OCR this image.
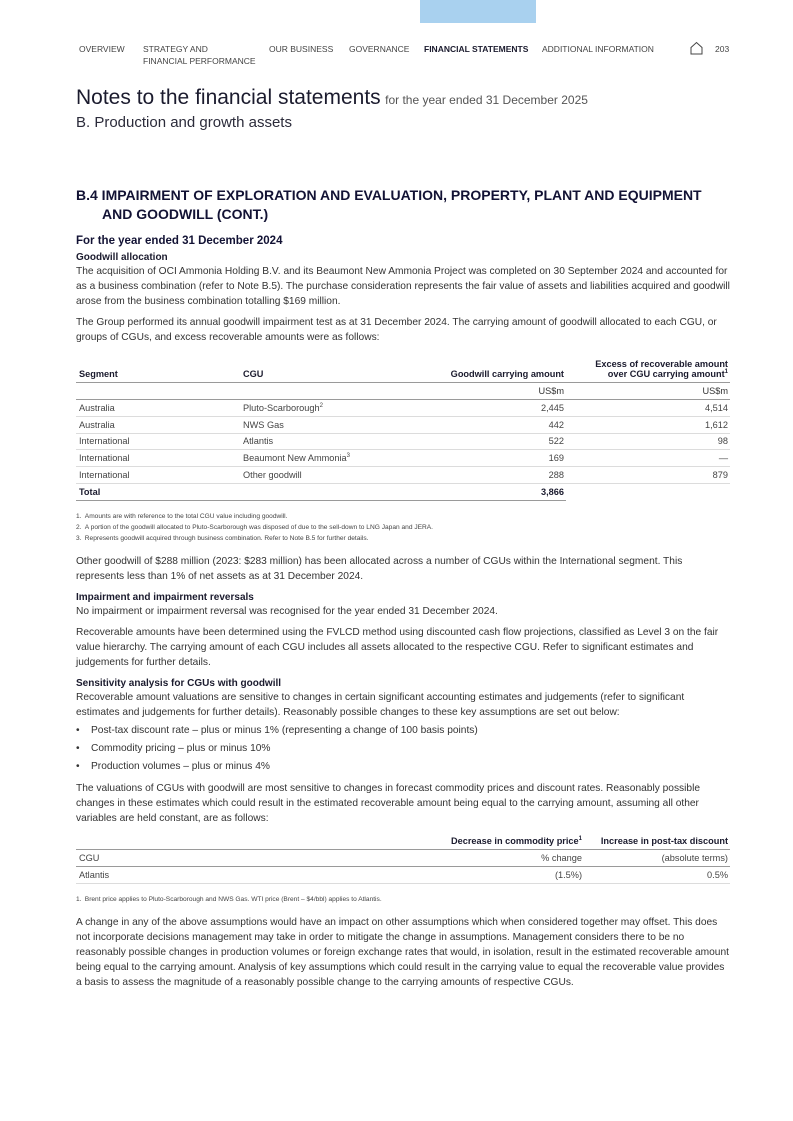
OVERVIEW STRATEGY AND
FINANCIAL PERFORMANCE
OUR BUSINESS GOVERNANCE FINANCIAL STATEMENTS ADDITIONAL INFORMATION	203
Notes to the financial statements for the year ended 31 December 2025
B. Production and growth assets
B.4 IMPAIRMENT OF EXPLORATION AND EVALUATION, PROPERTY, PLANT AND EQUIPMENT AND GOODWILL (CONT.)
For the year ended 31 December 2024
Goodwill allocation

The acquisition of OCI Ammonia Holding B.V. and its Beaumont New Ammonia Project was completed on 30 September 2024 and accounted for as a business combination (refer to Note B.5). The purchase consideration represents the fair value of assets and liabilities acquired and goodwill arose from the business combination totalling $169 million.

The Group performed its annual goodwill impairment test as at 31 December 2024. The carrying amount of goodwill allocated to each CGU, or groups of CGUs, and excess recoverable amounts were as follows:

Segment	CGU	Goodwill carrying amount	Excess of recoverable amount
over CGU carrying amount$^1$

		US$m	US$m
Australia	Pluto-Scarborough$^2$	2,445	4,514
Australia	NWS Gas	442	1,612
International	Atlantis	522	98
International	Beaumont New Ammonia$^3$	169	—
International	Other goodwill	288	879
Total		3,866	

1. Amounts are with reference to the total CGU value including goodwill.

2. A portion of the goodwill allocated to Pluto-Scarborough was disposed of due to the sell-down to LNG Japan and JERA.

3. Represents goodwill acquired through business combination. Refer to Note B.5 for further details.

Other goodwill of $288 million (2023: $283 million) has been allocated across a number of CGUs within the International segment. This represents less than 1% of net assets as at 31 December 2024.

Impairment and impairment reversals

No impairment or impairment reversal was recognised for the year ended 31 December 2024.

Recoverable amounts have been determined using the FVLCD method using discounted cash flow projections, classified as Level 3 on the fair value hierarchy. The carrying amount of each CGU includes all assets allocated to the respective CGU. Refer to significant estimates and judgements for further details.

Sensitivity analysis for CGUs with goodwill

Recoverable amount valuations are sensitive to changes in certain significant accounting estimates and judgements (refer to significant estimates and judgements for further details). Reasonably possible changes to these key assumptions are set out below:

• Post-tax discount rate – plus or minus 1% (representing a change of 100 basis points)
• Commodity pricing – plus or minus 10%
• Production volumes – plus or minus 4%

The valuations of CGUs with goodwill are most sensitive to changes in forecast commodity prices and discount rates. Reasonably possible changes in these estimates which could result in the estimated recoverable amount being equal to the carrying amount, assuming all other variables are held constant, are as follows:

	Decrease in commodity price$^1$	Increase in post-tax discount
CGU	% change	(absolute terms)
Atlantis	(1.5%)	0.5%

1. Brent price applies to Pluto-Scarborough and NWS Gas. WTI price (Brent – $4/bbl) applies to Atlantis.

A change in any of the above assumptions would have an impact on other assumptions which when considered together may offset. This does not incorporate decisions management may take in order to mitigate the change in assumptions. Management considers there to be no reasonably possible changes in production volumes or foreign exchange rates that would, in isolation, result in the estimated recoverable amount being equal to the carrying amount. Analysis of key assumptions which could result in the carrying value to equal the recoverable value provides a basis to assess the magnitude of a reasonably possible change to the carrying amounts of respective CGUs.
